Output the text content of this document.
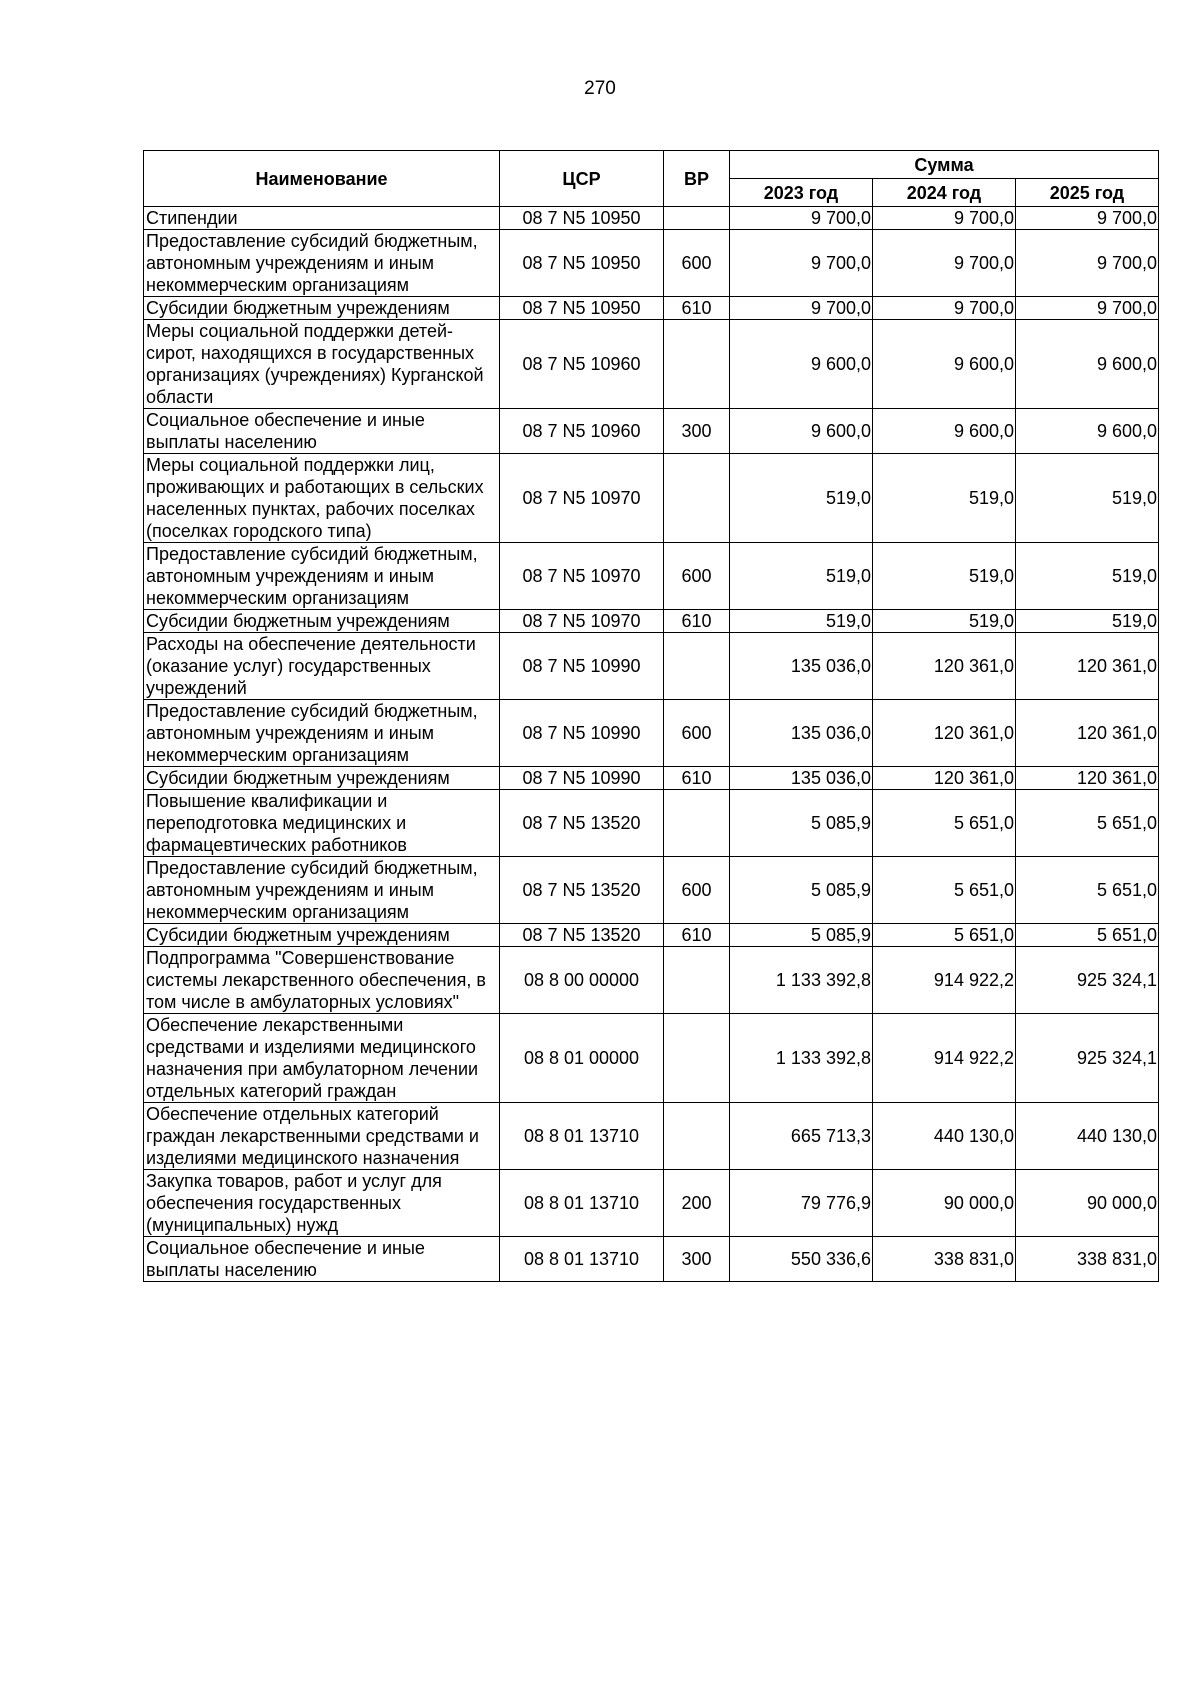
270
Наименование	ЦСР	ВР	Сумма		
			2023 год	2024 год	2025 год
Стипендии	08 7 N5 10950		9 700,0	9 700,0	9 700,0
Предоставление субсидий бюджетным, автономным учреждениям и иным некоммерческим организациям	08 7 N5 10950	600	9 700,0	9 700,0	9 700,0
Субсидии бюджетным учреждениям	08 7 N5 10950	610	9 700,0	9 700,0	9 700,0
Меры социальной поддержки детей-сирот, находящихся в государственных организациях (учреждениях) Курганской области	08 7 N5 10960		9 600,0	9 600,0	9 600,0
Социальное обеспечение и иные выплаты населению	08 7 N5 10960	300	9 600,0	9 600,0	9 600,0
Меры социальной поддержки лиц, проживающих и работающих в сельских населенных пунктах, рабочих поселках (поселках городского типа)	08 7 N5 10970		519,0	519,0	519,0
Предоставление субсидий бюджетным, автономным учреждениям и иным некоммерческим организациям	08 7 N5 10970	600	519,0	519,0	519,0
Субсидии бюджетным учреждениям	08 7 N5 10970	610	519,0	519,0	519,0
Расходы на обеспечение деятельности (оказание услуг) государственных учреждений	08 7 N5 10990		135 036,0	120 361,0	120 361,0
Предоставление субсидий бюджетным, автономным учреждениям и иным некоммерческим организациям	08 7 N5 10990	600	135 036,0	120 361,0	120 361,0
Субсидии бюджетным учреждениям	08 7 N5 10990	610	135 036,0	120 361,0	120 361,0
Повышение квалификации и переподготовка медицинских и фармацевтических работников	08 7 N5 13520		5 085,9	5 651,0	5 651,0
Предоставление субсидий бюджетным, автономным учреждениям и иным некоммерческим организациям	08 7 N5 13520	600	5 085,9	5 651,0	5 651,0
Субсидии бюджетным учреждениям	08 7 N5 13520	610	5 085,9	5 651,0	5 651,0
Подпрограмма "Совершенствование системы лекарственного обеспечения, в том числе в амбулаторных условиях"	08 8 00 00000		1 133 392,8	914 922,2	925 324,1
Обеспечение лекарственными средствами и изделиями медицинского назначения при амбулаторном лечении отдельных категорий граждан	08 8 01 00000		1 133 392,8	914 922,2	925 324,1
Обеспечение отдельных категорий граждан лекарственными средствами и изделиями медицинского назначения	08 8 01 13710		665 713,3	440 130,0	440 130,0
Закупка товаров, работ и услуг для обеспечения государственных (муниципальных) нужд	08 8 01 13710	200	79 776,9	90 000,0	90 000,0
Социальное обеспечение и иные выплаты населению	08 8 01 13710	300	550 336,6	338 831,0	338 831,0
